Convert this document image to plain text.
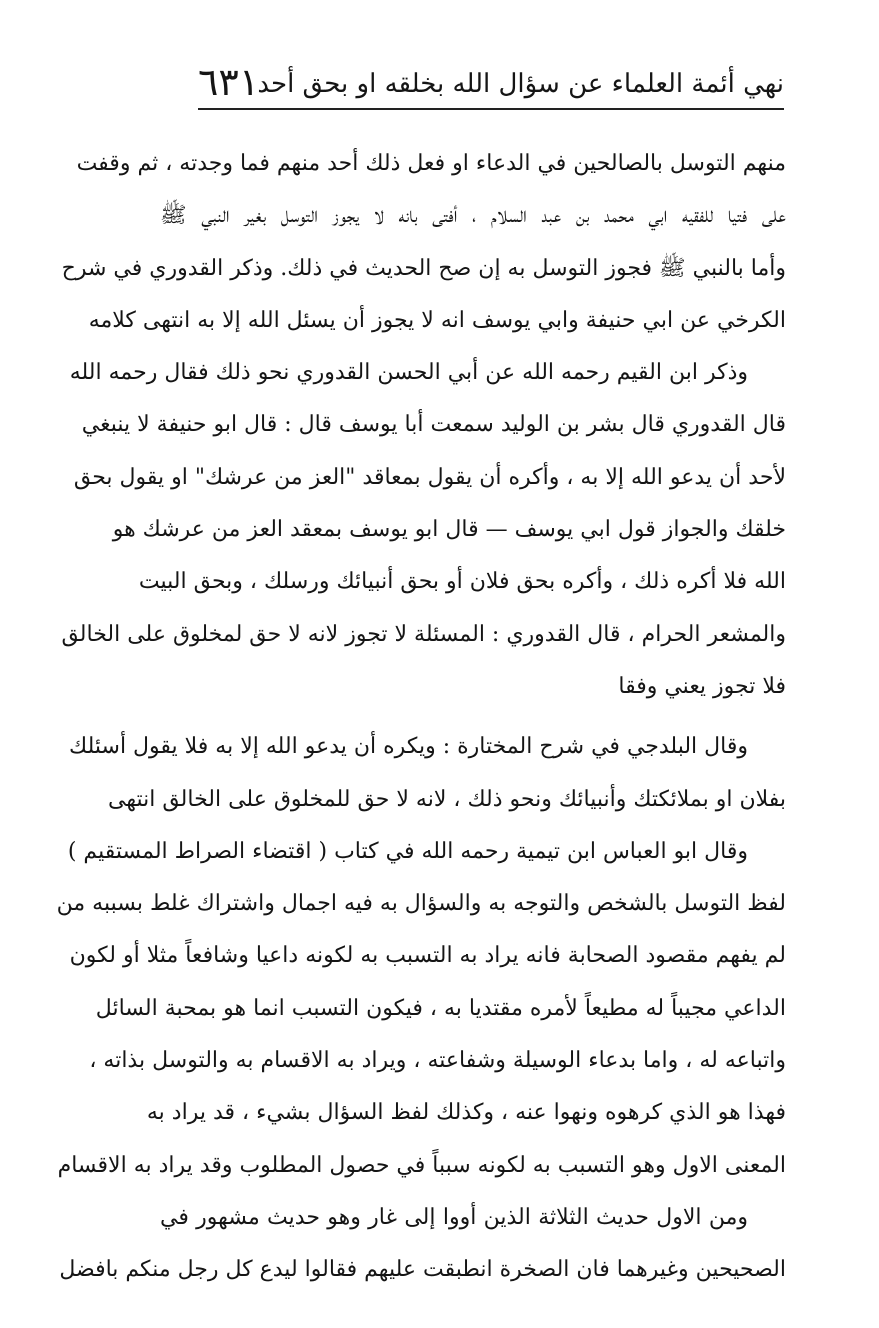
٦٣١
نهي أئمة العلماء عن سؤال الله بخلقه او بحق أحد
منهم التوسل بالصالحين في الدعاء او فعل ذلك أحد منهم فما وجدته ، ثم وقفت
على فتيا للفقيه ابي محمد بن عبد السلام ، أفتى بانه لا يجوز التوسل بغير النبي ﷺ
وأما بالنبي ﷺ فجوز التوسل به إن صح الحديث في ذلك. وذكر القدوري في شرح
الكرخي عن ابي حنيفة وابي يوسف انه لا يجوز أن يسئل الله إلا به انتهى كلامه
وذكر ابن القيم رحمه الله عن أبي الحسن القدوري نحو ذلك فقال رحمه الله
قال القدوري قال بشر بن الوليد سمعت أبا يوسف قال : قال ابو حنيفة لا ينبغي
لأحد أن يدعو الله إلا به ، وأكره أن يقول بمعاقد "العز من عرشك" او يقول بحق
خلقك والجواز قول ابي يوسف — قال ابو يوسف بمعقد العز من عرشك هو
الله فلا أكره ذلك ، وأكره بحق فلان أو بحق أنبيائك ورسلك ، وبحق البيت
والمشعر الحرام ، قال القدوري : المسئلة لا تجوز لانه لا حق لمخلوق على الخالق
فلا تجوز يعني وفقا
وقال البلدجي في شرح المختارة : ويكره أن يدعو الله إلا به فلا يقول أسئلك
بفلان او بملائكتك وأنبيائك ونحو ذلك ، لانه لا حق للمخلوق على الخالق انتهى
وقال ابو العباس ابن تيمية رحمه الله في كتاب ( اقتضاء الصراط المستقيم )
لفظ التوسل بالشخص والتوجه به والسؤال به فيه اجمال واشتراك غلط بسببه من
لم يفهم مقصود الصحابة فانه يراد به التسبب به لكونه داعيا وشافعاً مثلا أو لكون
الداعي مجيباً له مطيعاً لأمره مقتديا به ، فيكون التسبب انما هو بمحبة السائل
واتباعه له ، واما بدعاء الوسيلة وشفاعته ، ويراد به الاقسام به والتوسل بذاته ،
فهذا هو الذي كرهوه ونهوا عنه ، وكذلك لفظ السؤال بشيء ، قد يراد به
المعنى الاول وهو التسبب به لكونه سبباً في حصول المطلوب وقد يراد به الاقسام
ومن الاول حديث الثلاثة الذين أووا إلى غار وهو حديث مشهور في
الصحيحين وغيرهما فان الصخرة انطبقت عليهم فقالوا ليدع كل رجل منكم بافضل
